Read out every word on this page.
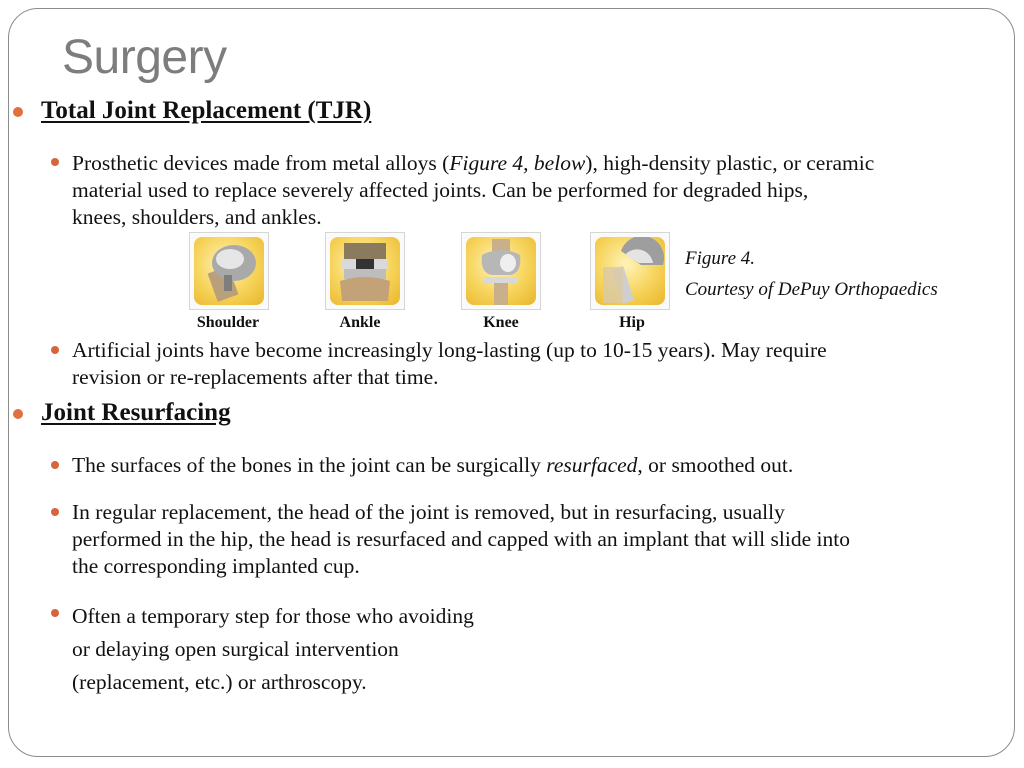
Surgery
Total Joint Replacement (TJR)
Prosthetic devices made from metal alloys (Figure 4, below), high-density plastic, or ceramic
material used to replace severely affected joints. Can be performed for degraded hips,
knees, shoulders, and ankles.
Shoulder	Ankle	Knee	Hip
Figure 4.
Courtesy of DePuy Orthopaedics
Artificial joints have become increasingly long-lasting (up to 10-15 years). May require
revision or re-replacements after that time.
Joint Resurfacing
The surfaces of the bones in the joint can be surgically resurfaced, or smoothed out.
In regular replacement, the head of the joint is removed, but in resurfacing, usually
performed in the hip, the head is resurfaced and capped with an implant that will slide into
the corresponding implanted cup.
Often a temporary step for those who avoiding
or delaying open surgical intervention
(replacement, etc.) or arthroscopy.
